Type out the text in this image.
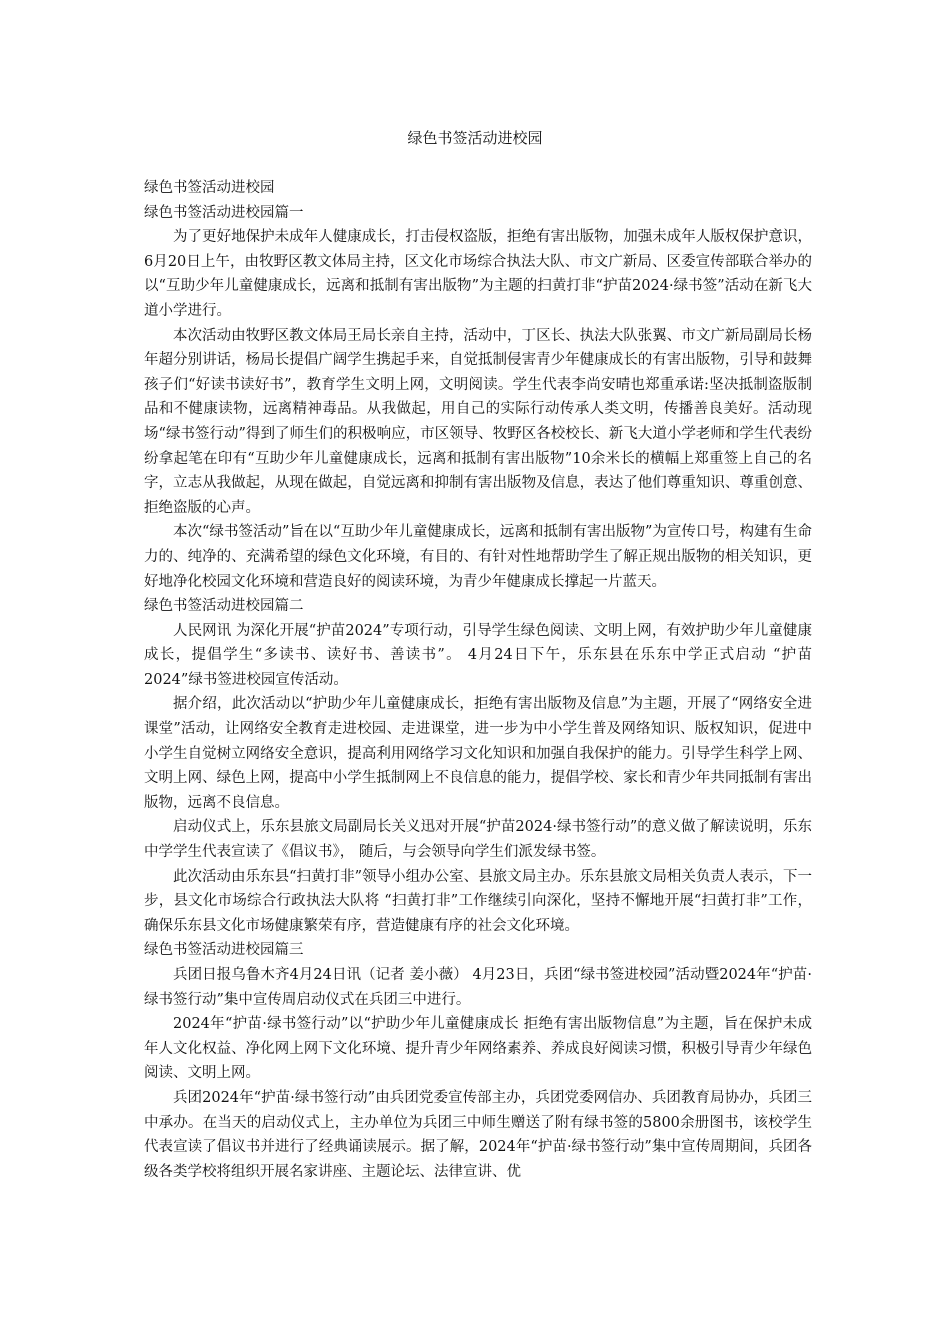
绿色书签活动进校园

绿色书签活动进校园

绿色书签活动进校园篇一

为了更好地保护未成年人健康成长，打击侵权盗版，拒绝有害出版物，加强未成年人版权保护意识，6月20日上午，由牧野区教文体局主持，区文化市场综合执法大队、市文广新局、区委宣传部联合举办的以“互助少年儿童健康成长，远离和抵制有害出版物”为主题的扫黄打非“护苗2024·绿书签”活动在新飞大道小学进行。

本次活动由牧野区教文体局王局长亲自主持，活动中，丁区长、执法大队张翼、市文广新局副局长杨年超分别讲话，杨局长提倡广阔学生携起手来，自觉抵制侵害青少年健康成长的有害出版物，引导和鼓舞孩子们“好读书读好书”，教育学生文明上网，文明阅读。学生代表李尚安晴也郑重承诺:坚决抵制盗版制品和不健康读物，远离精神毒品。从我做起，用自己的实际行动传承人类文明，传播善良美好。活动现场“绿书签行动”得到了师生们的积极响应，市区领导、牧野区各校校长、新飞大道小学老师和学生代表纷纷拿起笔在印有“互助少年儿童健康成长，远离和抵制有害出版物”10余米长的横幅上郑重签上自己的名字，立志从我做起，从现在做起，自觉远离和抑制有害出版物及信息，表达了他们尊重知识、尊重创意、拒绝盗版的心声。

本次“绿书签活动”旨在以“互助少年儿童健康成长，远离和抵制有害出版物”为宣传口号，构建有生命力的、纯净的、充满希望的绿色文化环境，有目的、有针对性地帮助学生了解正规出版物的相关知识，更好地净化校园文化环境和营造良好的阅读环境，为青少年健康成长撑起一片蓝天。

绿色书签活动进校园篇二

人民网讯 为深化开展“护苗2024”专项行动，引导学生绿色阅读、文明上网，有效护助少年儿童健康成长，提倡学生“多读书、读好书、善读书”。 4月24日下午，乐东县在乐东中学正式启动 “护苗2024”绿书签进校园宣传活动。

据介绍，此次活动以“护助少年儿童健康成长，拒绝有害出版物及信息”为主题，开展了“网络安全进课堂”活动，让网络安全教育走进校园、走进课堂，进一步为中小学生普及网络知识、版权知识，促进中小学生自觉树立网络安全意识，提高利用网络学习文化知识和加强自我保护的能力。引导学生科学上网、文明上网、绿色上网，提高中小学生抵制网上不良信息的能力，提倡学校、家长和青少年共同抵制有害出版物，远离不良信息。

启动仪式上，乐东县旅文局副局长关义迅对开展“护苗2024·绿书签行动”的意义做了解读说明，乐东中学学生代表宣读了《倡议书》， 随后，与会领导向学生们派发绿书签。

此次活动由乐东县“扫黄打非”领导小组办公室、县旅文局主办。乐东县旅文局相关负责人表示，下一步，县文化市场综合行政执法大队将 “扫黄打非”工作继续引向深化，坚持不懈地开展“扫黄打非”工作，确保乐东县文化市场健康繁荣有序，营造健康有序的社会文化环境。

绿色书签活动进校园篇三

兵团日报乌鲁木齐4月24日讯（记者 姜小薇） 4月23日，兵团“绿书签进校园”活动暨2024年“护苗·绿书签行动”集中宣传周启动仪式在兵团三中进行。

2024年“护苗·绿书签行动”以“护助少年儿童健康成长 拒绝有害出版物信息”为主题，旨在保护未成年人文化权益、净化网上网下文化环境、提升青少年网络素养、养成良好阅读习惯，积极引导青少年绿色阅读、文明上网。

兵团2024年“护苗·绿书签行动”由兵团党委宣传部主办，兵团党委网信办、兵团教育局协办，兵团三中承办。在当天的启动仪式上，主办单位为兵团三中师生赠送了附有绿书签的5800余册图书，该校学生代表宣读了倡议书并进行了经典诵读展示。据了解，2024年“护苗·绿书签行动”集中宣传周期间，兵团各级各类学校将组织开展名家讲座、主题论坛、法律宣讲、优
